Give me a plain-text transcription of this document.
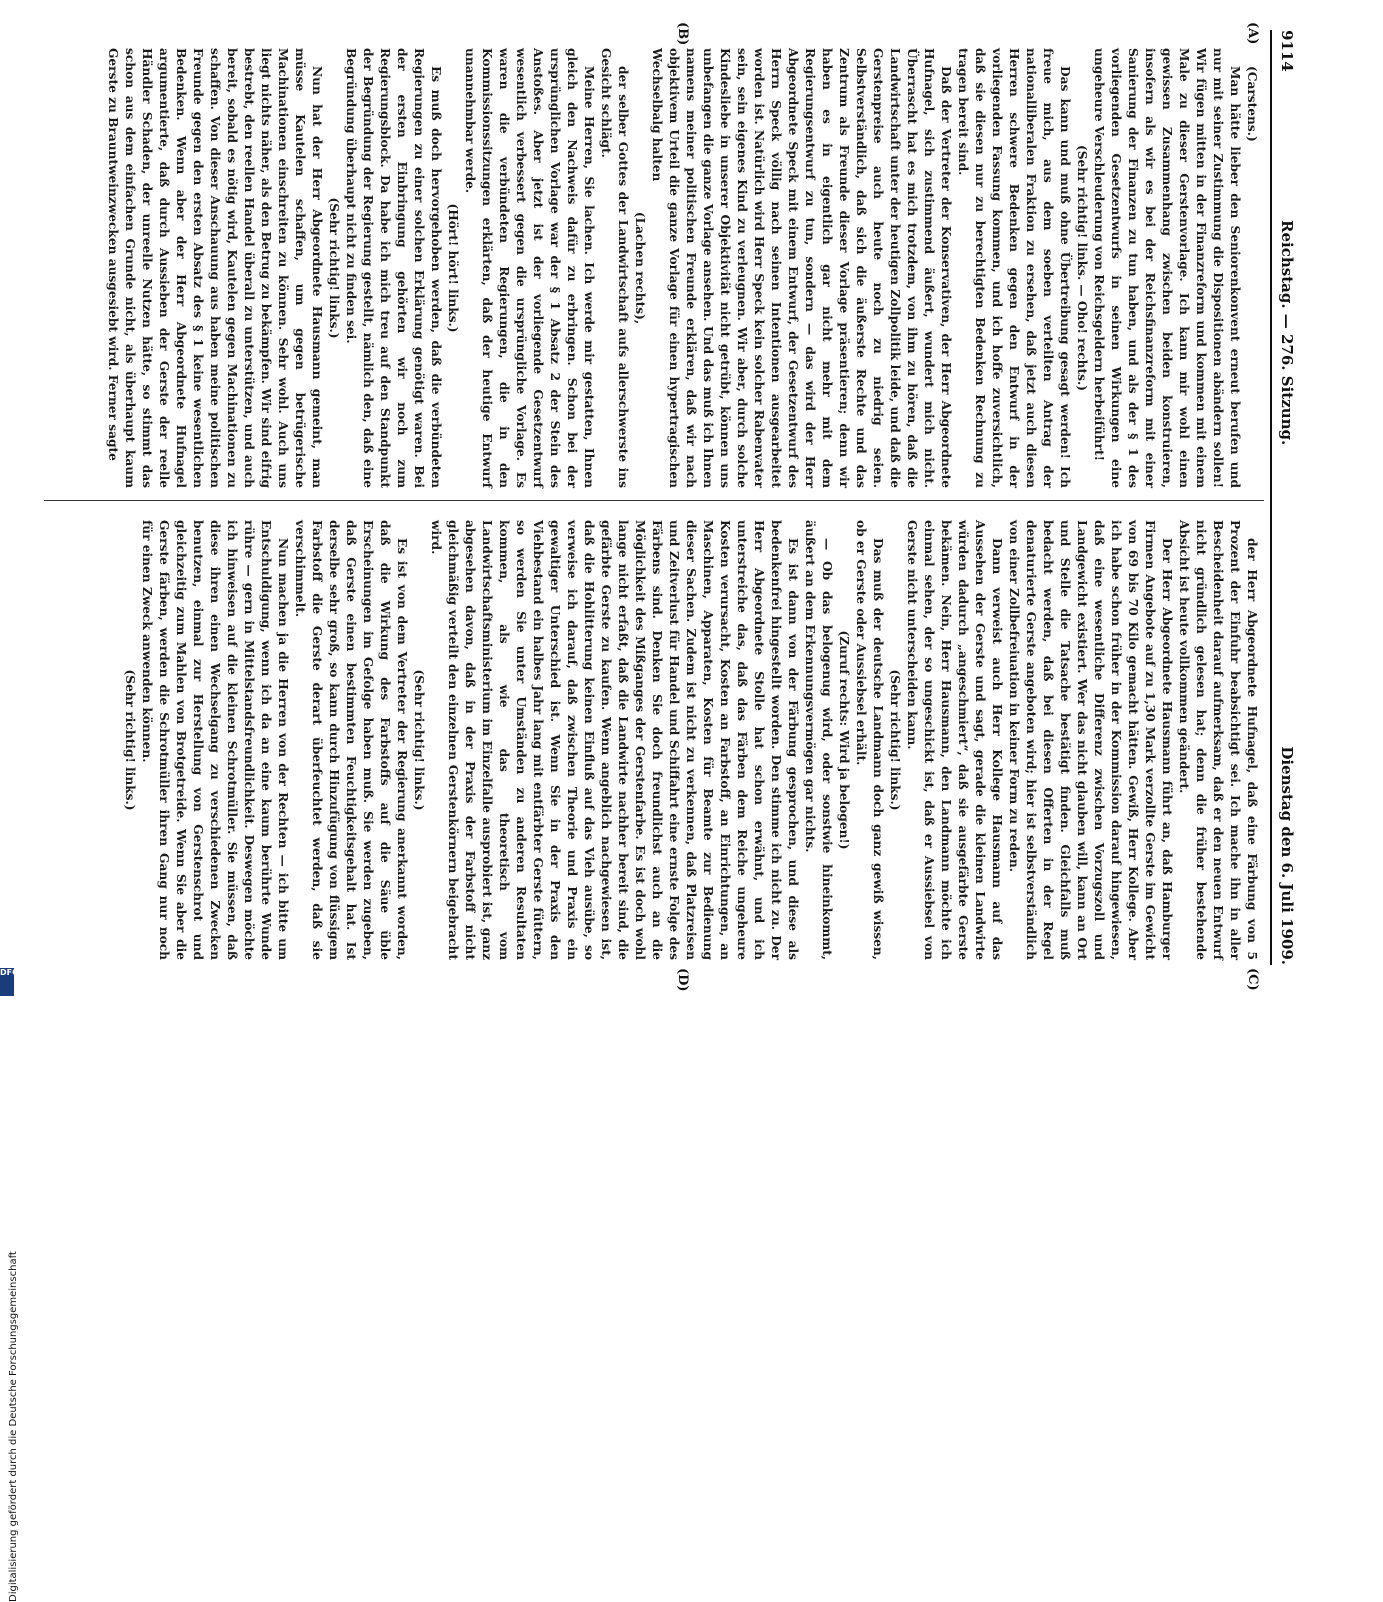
9114
Reichstag. — 276. Sitzung.
Dienstag den 6. Juli 1909.
(A)
(B)
(C)
(D)

(Carstens.)

Man hätte lieber den Seniorenkonvent erneut berufen und nur mit seiner Zustimmung die Dispositionen abändern sollen! Wir fügen mitten in der Finanzreform und kommen mit einem Male zu dieser Gerstenvorlage. Ich kann mir wohl einen gewissen Zusammenhang zwischen beiden konstruieren, insofern als wir es bei der Reichsfinanzreform mit einer Sanierung der Finanzen zu tun haben, und als der § 1 des vorliegenden Gesetzentwurfs in seinen Wirkungen eine ungeheure Verschleuderung von Reichsgeldern herbeiführt!

(Sehr richtig! links. — Oho! rechts.)

Das kann und muß ohne Übertreibung gesagt werden! Ich freue mich, aus dem soeben verteilten Antrag der nationalliberalen Fraktion zu ersehen, daß jetzt auch diesen Herren schwere Bedenken gegen den Entwurf in der vorliegenden Fassung kommen, und ich hoffe zuversichtlich, daß sie diesen nur zu berechtigten Bedenken Rechnung zu tragen bereit sind.

Daß der Vertreter der Konservativen, der Herr Abgeordnete Hufnagel, sich zustimmend äußert, wundert mich nicht. Überrascht hat es mich trotzdem, von ihm zu hören, daß die Landwirtschaft unter der heutigen Zollpolitik leide, und daß die Gerstenpreise auch heute noch zu niedrig seien. Selbstverständlich, daß sich die äußerste Rechte und das Zentrum als Freunde dieser Vorlage präsentieren; denn wir haben es in eigentlich gar nicht mehr mit dem Regierungsentwurf zu tun, sondern — das wird der Herr Abgeordnete Speck mit einem Entwurf, der Gesetzentwurf des Herrn Speck völlig nach seinen Intentionen ausgearbeitet worden ist. Natürlich wird Herr Speck kein solcher Rabenvater sein, sein eigenes Kind zu verleugnen. Wir aber, durch solche Kindesliebe in unserer Objektivität nicht getrübt, können uns unbefangen die ganze Vorlage ansehen. Und das muß ich Ihnen namens meiner politischen Freunde erklären, daß wir nach objektivem Urteil die ganze Vorlage für einen hypertragischen Wechselbalg halten

(Lachen rechts),

der selber Gottes der Landwirtschaft aufs allerschwerste ins Gesicht schlägt.

Meine Herren, Sie lachen. Ich werde mir gestatten, Ihnen gleich den Nachweis dafür zu erbringen. Schon bei der ursprünglichen Vorlage war der § 1 Absatz 2 der Stein des Anstoßes. Aber jetzt ist der vorliegende Gesetzentwurf wesentlich verbessert gegen die ursprüngliche Vorlage. Es waren die verbündeten Regierungen, die in den Kommissionssitzungen erklärten, daß der heutige Entwurf unannehmbar werde.

(Hört! hört! links.)

Es muß doch hervorgehoben werden, daß die verbündeten Regierungen zu einer solchen Erklärung genötigt waren. Bei der ersten Einbringung gehörten wir noch zum Regierungsblock. Da habe ich mich treu auf den Standpunkt der Begründung der Regierung gestellt, nämlich den, daß eine Begründung überhaupt nicht zu finden sei.

(Sehr richtig! links.)

Nun hat der Herr Abgeordnete Hausmann gemeint, man müsse Kautelen schaffen, um gegen betrügerische Machinationen einschreiten zu können. Sehr wohl. Auch uns liegt nichts näher, als den Betrug zu bekämpfen. Wir sind eifrig bestrebt, den reellen Handel überall zu unterstützen, und auch bereit, sobald es nötig wird, Kautelen gegen Machinationen zu schaffen. Von dieser Anschauung aus haben meine politischen Freunde gegen den ersten Absatz des § 1 keine wesentlichen Bedenken. Wenn aber der Herr Abgeordnete Hufnagel argumentierte, daß durch Aussieben der Gerste der reelle Händler Schaden, der unreelle Nutzen hätte, so stimmt das schon aus dem einfachen Grunde nicht, als überhaupt kaum Gerste zu Brauntweinzwecken ausgesiebt wird. Ferner sagte

der Herr Abgeordnete Hufnagel, daß eine Färbung von 5 Prozent der Einfuhr beabsichtigt sei. Ich mache ihn in aller Bescheidenheit darauf aufmerksam, daß er den neuen Entwurf nicht gründlich gelesen hat; denn die früher bestehende Absicht ist heute vollkommen geändert.

Der Herr Abgeordnete Hausmann führt an, daß Hamburger Firmen Angebote auf zu 1,30 Mark verzollte Gerste im Gewicht von 69 bis 70 Kilo gemacht hätten. Gewiß, Herr Kollege. Aber ich habe schon früher in der Kommission darauf hingewiesen, daß eine wesentliche Differenz zwischen Vorzugszoll und Landgewicht existiert. Wer das nicht glauben will, kann an Ort und Stelle die Tatsache bestätigt finden. Gleichfalls muß bedacht werden, daß bei diesen Offerten in der Regel denaturierte Gerste angeboten wird; hier ist selbstverständlich von einer Zollbefreiuation in keiner Form zu reden.

Dann verweist auch Herr Kollege Hausmann auf das Aussehen der Gerste und sagt, gerade die kleinen Landwirte würden dadurch „angeschmiert“, daß sie ausgefärbte Gerste bekämen. Nein, Herr Hausmann, den Landmann möchte ich einmal sehen, der so ungeschickt ist, daß er Aussiebsel von Gerste nicht unterscheiden kann.

(Sehr richtig! links.)

Das muß der deutsche Landmann doch ganz gewiß wissen, ob er Gerste oder Aussiebsel erhält.

(Zuruf rechts: Wird ja belogen!)

— Ob das belogenug wird, oder sonstwie hineinkommt, äußert an dem Erkennungsvermögen gar nichts.

Es ist dann von der Färbung gesprochen, und diese als bedenkenfrei hingestellt worden. Den stimme ich nicht zu. Der Herr Abgeordnete Stolle hat schon erwähnt, und ich unterstreiche das, daß das Färben dem Reiche ungeheure Kosten verursacht, Kosten an Farbstoff, an Einrichtungen, an Maschinen, Apparaten, Kosten für Beamte zur Bedienung dieser Sachen. Zudem ist nicht zu verkennen, daß Platzreisen und Zeitverlust für Handel und Schiffahrt eine ernste Folge des Färbens sind. Denken Sie doch freundlichst auch an die Möglichkeit des Mißganges der Gerstenfarbe. Es ist doch wohl lange nicht erfaßt, daß die Landwirte nachher bereit sind, die gefärbte Gerste zu kaufen. Wenn angeblich nachgewiesen ist, daß die Hohlitterung keinen Einfluß auf das Vieh ausübe, so verweise ich darauf, daß zwischen Theorie und Praxis ein gewaltiger Unterschied ist. Wenn Sie in der Praxis den Viehbestand ein halbes Jahr lang mit entfärbter Gerste füttern, so werden Sie unter Umständen zu anderen Resultaten kommen, als wie das theoretisch vom Landwirtschaftsministerium im Einzelfalle ausprobiert ist, ganz abgesehen davon, daß in der Praxis der Farbstoff nicht gleichmäßig verteilt den einzelnen Gerstenkörnern beigebracht wird.

(Sehr richtig! links.)

Es ist von dem Vertreter der Regierung anerkannt worden, daß die Wirkung des Farbstoffs auf die Säue üble Erscheinungen im Gefolge haben muß. Sie werden zugeben, daß Gerste einen bestimmten Feuchtigkeitsgehalt hat. Ist derselbe sehr groß, so kann durch Hinzufügung von flüssigem Farbstoff die Gerste derart überfeuchtet werden, daß sie verschimmelt.

Nun machen ja die Herren von der Rechten — ich bitte um Entschuldigung, wenn ich da an eine kaum berührte Wunde rühre — gern in Mittelstandsfreundlichkeit. Deswegen möchte ich hinweisen auf die kleinen Schrotmüller. Sie müssen, daß diese ihren einen Wechselgang zu verschiedenen Zwecken benutzen, einmal zur Herstellung von Gerstenschrot und gleichzeitig zum Mahlen von Brotgetreide. Wenn Sie aber die Gerste färben, werden die Schrotmüller ihren Gang nur noch für einen Zweck anwenden können.

(Sehr richtig! links.)

Digitalisierung gefördert durch die Deutsche Forschungsgemeinschaft
DFG
